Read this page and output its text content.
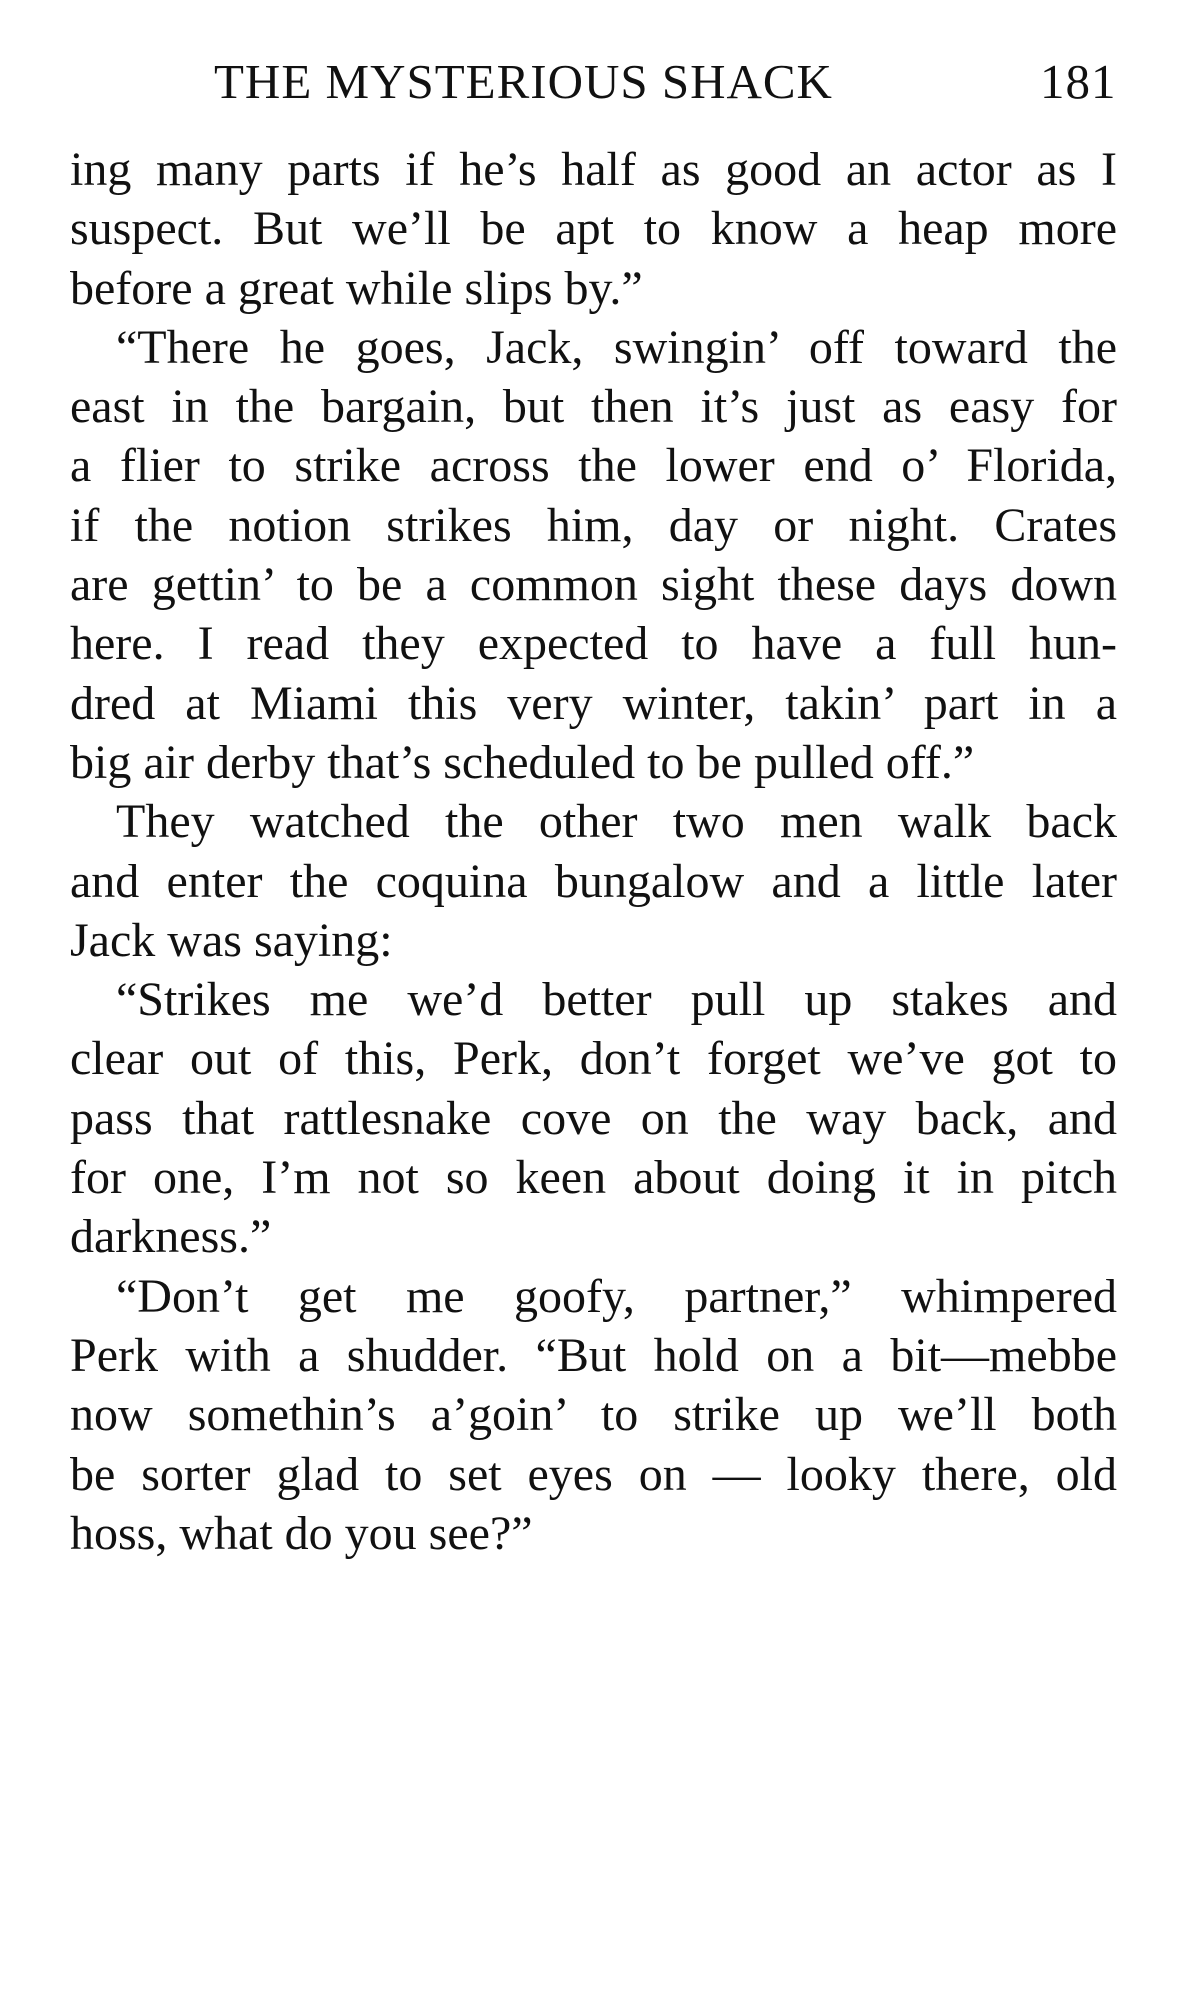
THE MYSTERIOUS SHACK	181

ing many parts if he’s half as good an actor as I
suspect. But we’ll be apt to know a heap more
before a great while slips by.”

“There he goes, Jack, swingin’ off toward the
east in the bargain, but then it’s just as easy for
a flier to strike across the lower end o’ Florida,
if the notion strikes him, day or night. Crates
are gettin’ to be a common sight these days down
here. I read they expected to have a full hun-
dred at Miami this very winter, takin’ part in a
big air derby that’s scheduled to be pulled off.”

They watched the other two men walk back
and enter the coquina bungalow and a little later
Jack was saying:

“Strikes me we’d better pull up stakes and
clear out of this, Perk, don’t forget we’ve got to
pass that rattlesnake cove on the way back, and
for one, I’m not so keen about doing it in pitch
darkness.”

“Don’t get me goofy, partner,” whimpered
Perk with a shudder. “But hold on a bit—mebbe
now somethin’s a’goin’ to strike up we’ll both
be sorter glad to set eyes on — looky there, old
hoss, what do you see?”
